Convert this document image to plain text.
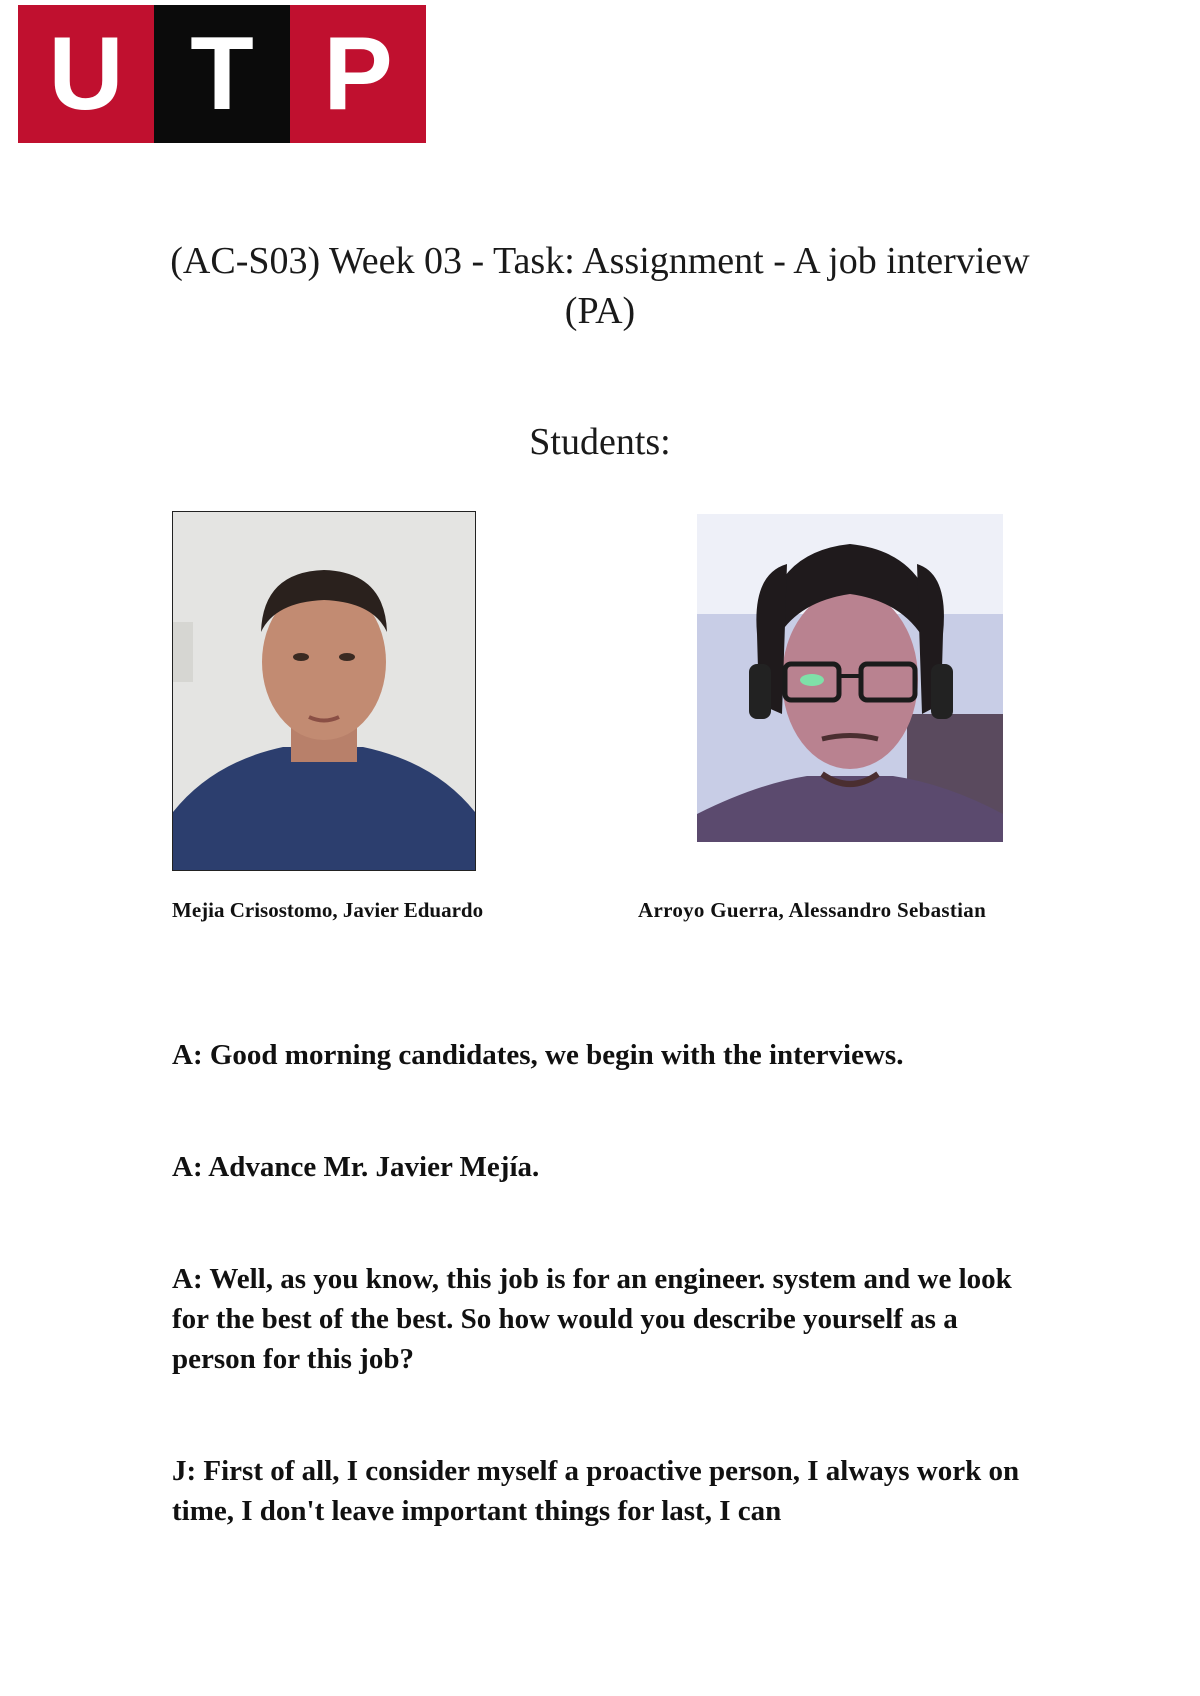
U T P
(AC-S03) Week 03 - Task: Assignment - A job interview (PA)
Students:
Mejia Crisostomo, Javier Eduardo	Arroyo Guerra, Alessandro Sebastian

A: Good morning candidates, we begin with the interviews.

A: Advance Mr. Javier Mejía.

A: Well, as you know, this job is for an engineer. system and we look for the best of the best. So how would you describe yourself as a person for this job?

J: First of all, I consider myself a proactive person, I always work on time, I don't leave important things for last, I can
